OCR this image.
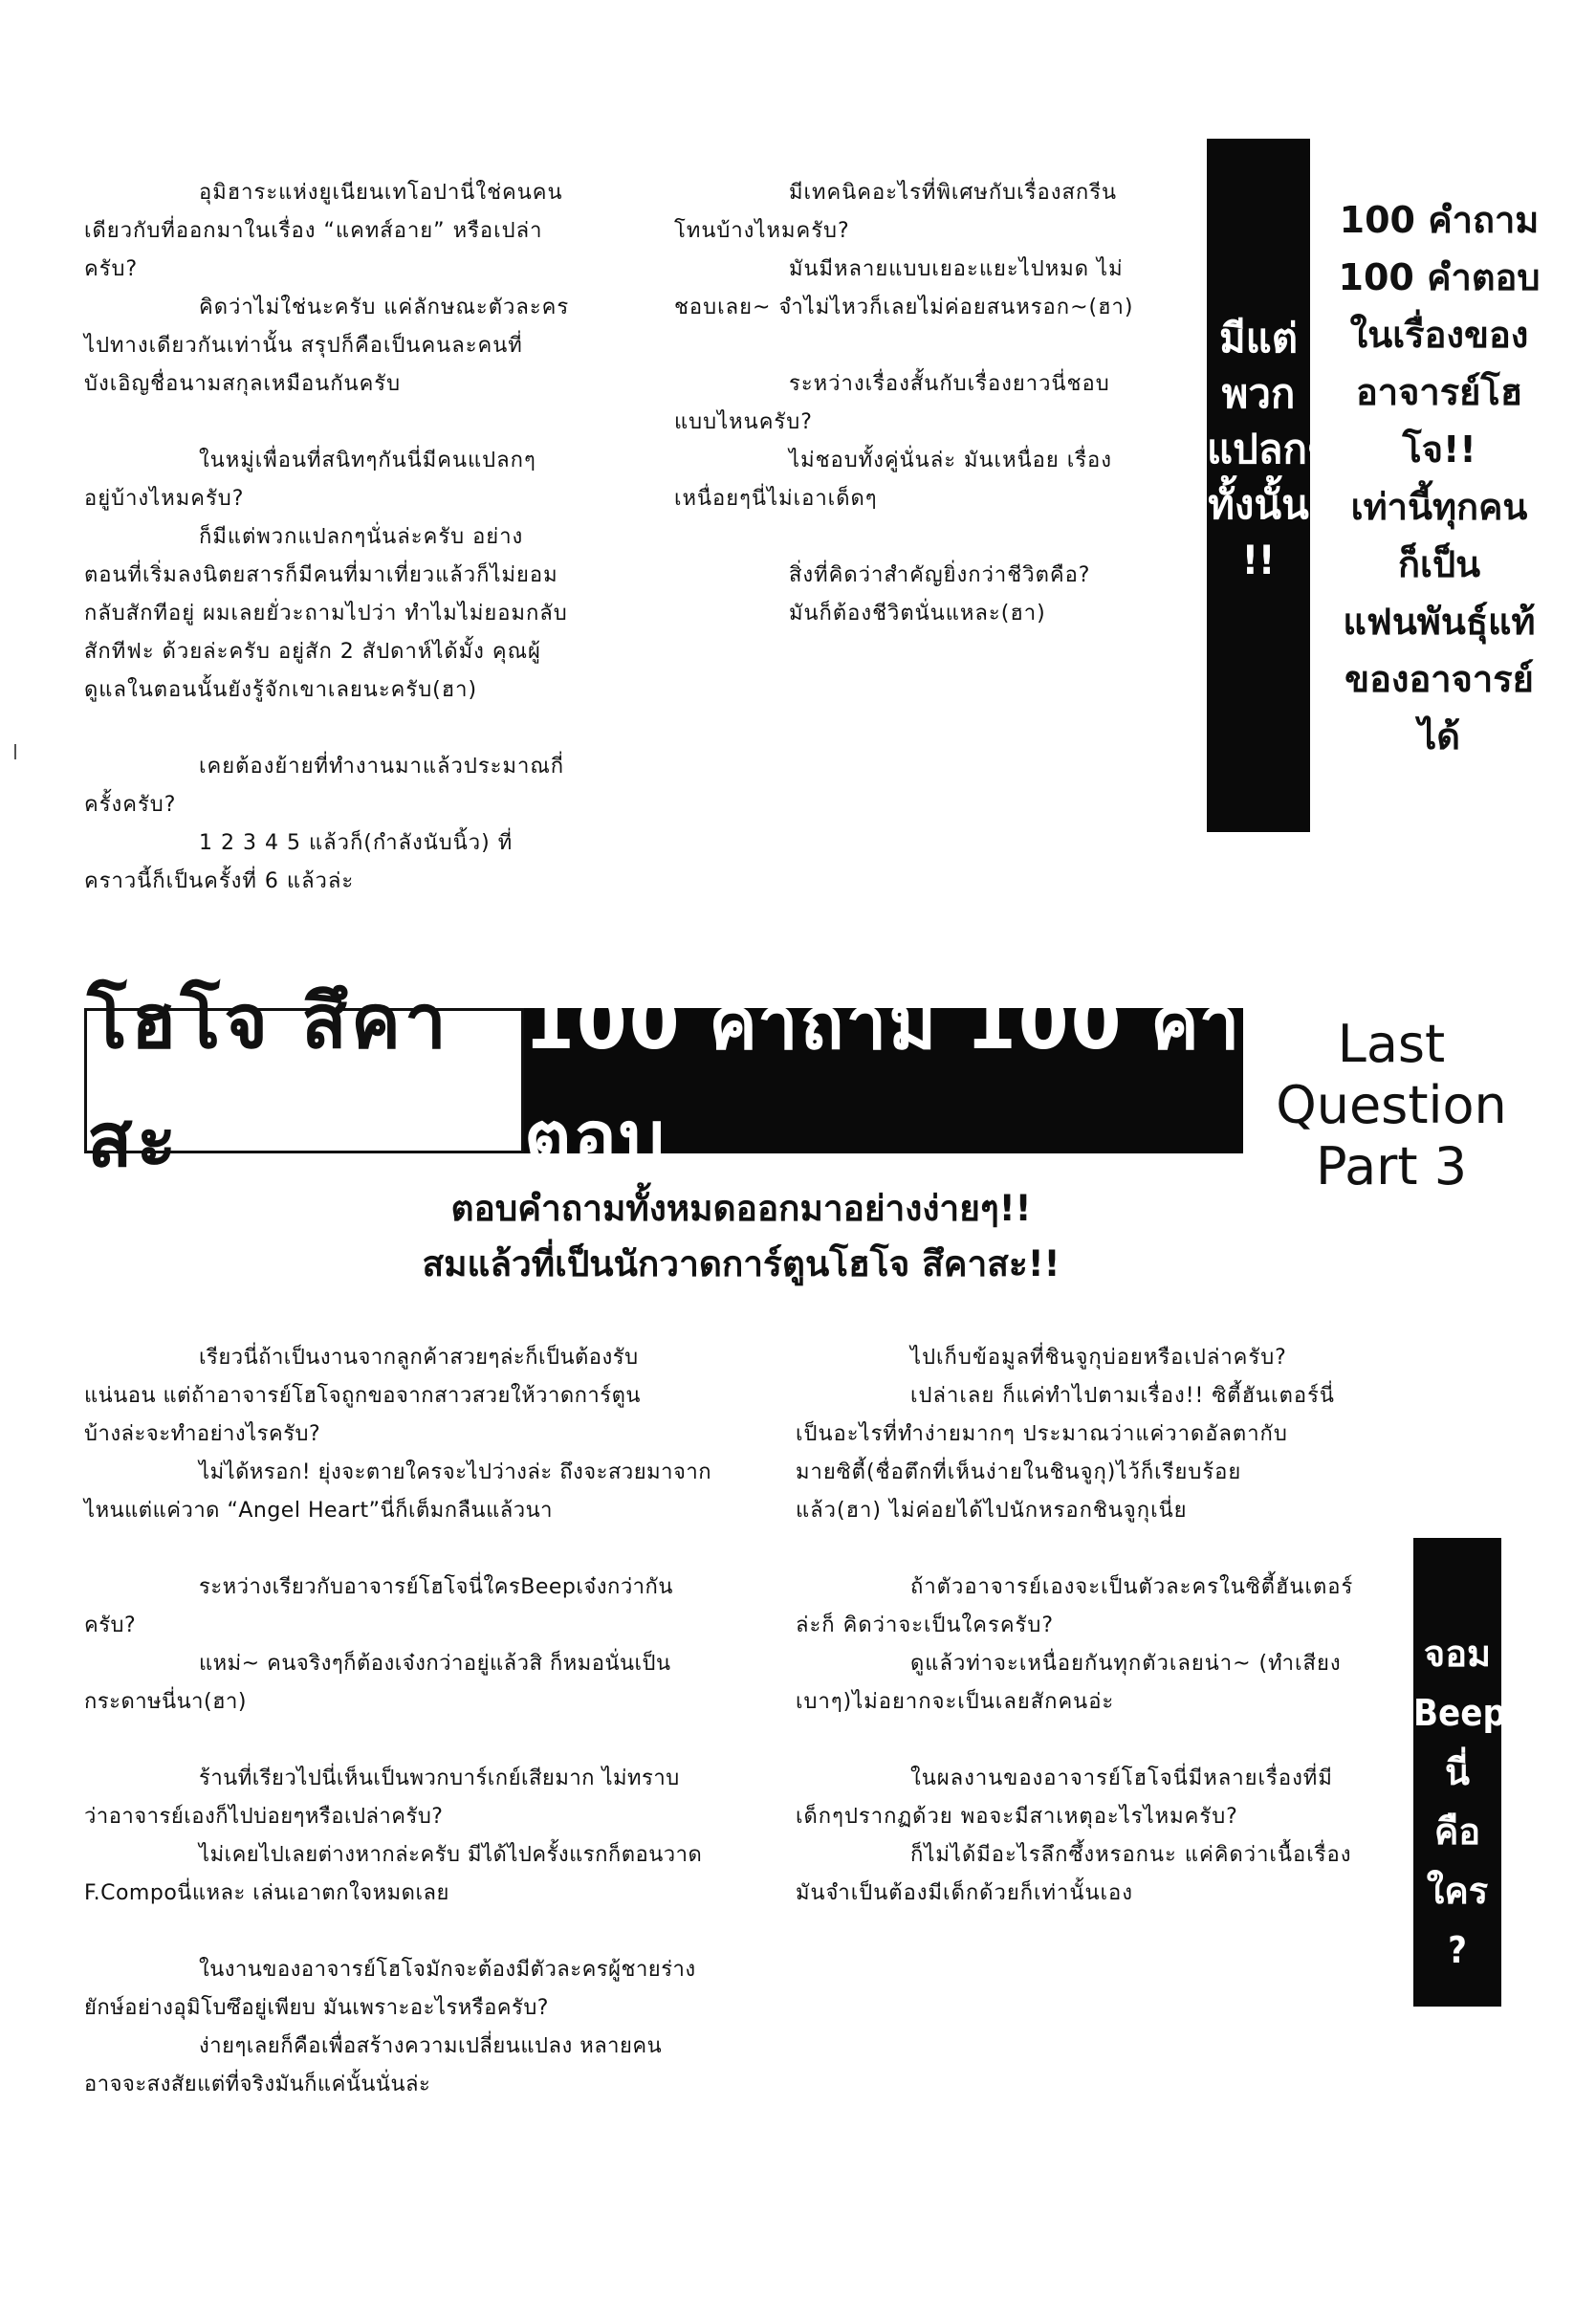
อุมิฮาระแห่งยูเนียนเทโอปานี่ใช่คนคน

เดียวกับที่ออกมาในเรื่อง “แคทส์อาย” หรือเปล่า

ครับ?

คิดว่าไม่ใช่นะครับ แค่ลักษณะตัวละคร

ไปทางเดียวกันเท่านั้น สรุปก็คือเป็นคนละคนที่

บังเอิญชื่อนามสกุลเหมือนกันครับ

ในหมู่เพื่อนที่สนิทๆกันนี่มีคนแปลกๆ

อยู่บ้างไหมครับ?

ก็มีแต่พวกแปลกๆนั่นล่ะครับ อย่าง

ตอนที่เริ่มลงนิตยสารก็มีคนที่มาเที่ยวแล้วก็ไม่ยอม

กลับสักทีอยู่ ผมเลยยั่วะถามไปว่า ทำไมไม่ยอมกลับ

สักทีฟะ ด้วยล่ะครับ อยู่สัก 2 สัปดาห์ได้มั้ง คุณผู้

ดูแลในตอนนั้นยังรู้จักเขาเลยนะครับ(ฮา)

เคยต้องย้ายที่ทำงานมาแล้วประมาณกี่

ครั้งครับ?

1 2 3 4 5 แล้วก็(กำลังนับนิ้ว) ที่

คราวนี้ก็เป็นครั้งที่ 6 แล้วล่ะ

มีเทคนิคอะไรที่พิเศษกับเรื่องสกรีน

โทนบ้างไหมครับ?

มันมีหลายแบบเยอะแยะไปหมด ไม่

ชอบเลย~ จำไม่ไหวก็เลยไม่ค่อยสนหรอก~(ฮา)

ระหว่างเรื่องสั้นกับเรื่องยาวนี่ชอบ

แบบไหนครับ?

ไม่ชอบทั้งคู่นั่นล่ะ มันเหนื่อย เรื่อง

เหนื่อยๆนี่ไม่เอาเด็ดๆ

สิ่งที่คิดว่าสำคัญยิ่งกว่าชีวิตคือ?

มันก็ต้องชีวิตนั่นแหละ(ฮา)

มีแต่
พวก
แปลกๆ
ทั้งนั้น
!!
100 คำถาม
100 คำตอบ
ในเรื่องของ
อาจารย์โฮโจ!!
เท่านี้ทุกคน
ก็เป็น
แฟนพันธุ์แท้
ของอาจารย์
ได้
โฮโจ สึคาสะ
100 คำถาม 100 คำตอบ
Last Question
Part 3
ตอบคำถามทั้งหมดออกมาอย่างง่ายๆ!!
สมแล้วที่เป็นนักวาดการ์ตูนโฮโจ สึคาสะ!!

เรียวนี่ถ้าเป็นงานจากลูกค้าสวยๆล่ะก็เป็นต้องรับ

แน่นอน แต่ถ้าอาจารย์โฮโจถูกขอจากสาวสวยให้วาดการ์ตูน

บ้างล่ะจะทำอย่างไรครับ?

ไม่ได้หรอก! ยุ่งจะตายใครจะไปว่างล่ะ ถึงจะสวยมาจาก

ไหนแต่แค่วาด “Angel Heart”นี่ก็เต็มกลืนแล้วนา

ระหว่างเรียวกับอาจารย์โฮโจนี่ใครBeepเจ๋งกว่ากัน

ครับ?

แหม่~ คนจริงๆก็ต้องเจ๋งกว่าอยู่แล้วสิ ก็หมอนั่นเป็น

กระดาษนี่นา(ฮา)

ร้านที่เรียวไปนี่เห็นเป็นพวกบาร์เกย์เสียมาก ไม่ทราบ

ว่าอาจารย์เองก็ไปบ่อยๆหรือเปล่าครับ?

ไม่เคยไปเลยต่างหากล่ะครับ มีได้ไปครั้งแรกก็ตอนวาด

F.Compoนี่แหละ เล่นเอาตกใจหมดเลย

ในงานของอาจารย์โฮโจมักจะต้องมีตัวละครผู้ชายร่าง

ยักษ์อย่างอุมิโบซึอยู่เพียบ มันเพราะอะไรหรือครับ?

ง่ายๆเลยก็คือเพื่อสร้างความเปลี่ยนแปลง หลายคน

อาจจะสงสัยแต่ที่จริงมันก็แค่นั้นนั่นล่ะ

ไปเก็บข้อมูลที่ชินจูกุบ่อยหรือเปล่าครับ?

เปล่าเลย ก็แค่ทำไปตามเรื่อง!! ซิตี้ฮันเตอร์นี่

เป็นอะไรที่ทำง่ายมากๆ ประมาณว่าแค่วาดอัลตากับ

มายซิตี้(ชื่อตึกที่เห็นง่ายในชินจูกุ)ไว้ก็เรียบร้อย

แล้ว(ฮา) ไม่ค่อยได้ไปนักหรอกชินจูกุเนี่ย

ถ้าตัวอาจารย์เองจะเป็นตัวละครในซิตี้ฮันเตอร์

ล่ะก็ คิดว่าจะเป็นใครครับ?

ดูแล้วท่าจะเหนื่อยกันทุกตัวเลยน่า~ (ทำเสียง

เบาๆ)ไม่อยากจะเป็นเลยสักคนอ่ะ

ในผลงานของอาจารย์โฮโจนี่มีหลายเรื่องที่มี

เด็กๆปรากฏด้วย พอจะมีสาเหตุอะไรไหมครับ?

ก็ไม่ได้มีอะไรลึกซึ้งหรอกนะ แค่คิดว่าเนื้อเรื่อง

มันจำเป็นต้องมีเด็กด้วยก็เท่านั้นเอง

จอม
Beep
นี่
คือ
ใคร
?
